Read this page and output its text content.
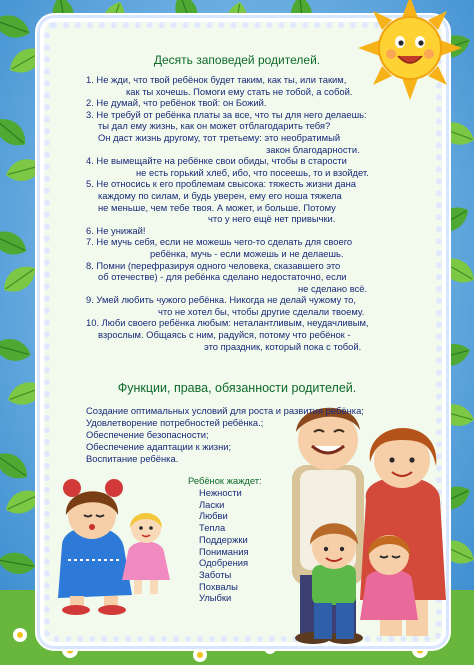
Десять заповедей родителей.
1. Не жди, что твой ребёнок будет таким, как ты, или таким,
как ты хочешь. Помоги ему стать не тобой, а собой.
2. Не думай, что ребёнок твой: он Божий.
3. Не требуй от ребёнка платы за все, что ты для него делаешь:
ты дал ему жизнь, как он может отблагодарить тебя?
Он даст жизнь другому, тот третьему: это необратимый
закон благодарности.
4. Не вымещайте на ребёнке свои обиды, чтобы в старости
не есть горький хлеб, ибо, что посеешь, то и взойдет.
5. Не относись к его проблемам свысока: тяжесть жизни дана
каждому по силам, и будь уверен, ему его ноша тяжела
не меньше, чем тебе твоя. А может, и больше. Потому
что у него ещё нет привычки.
6. Не унижай!
7. Не мучь себя, если не можешь чего-то сделать для своего
ребёнка, мучь - если можешь и не делаешь.
8. Помни (перефразируя одного человека, сказавшего это
об отечестве) - для ребёнка сделано недостаточно, если
не сделано всё.
9. Умей любить чужого ребёнка. Никогда не делай чужому то,
что не хотел бы, чтобы другие сделали твоему.
10. Люби своего ребёнка любым: неталантливым, неудачливым,
взрослым. Общаясь с ним, радуйся, потому что ребёнок -
это праздник, который пока с тобой.
Функции, права, обязанности родителей.
Создание оптимальных условий для роста и развития ребёнка;
Удовлетворение потребностей ребёнка.;
Обеспечение безопасности;
Обеспечение адаптации к жизни;
Воспитание ребёнка.
Ребёнок жаждет:
Нежности
Ласки
Любви
Тепла
Поддержки
Понимания
Одобрения
Заботы
Похвалы
Улыбки
